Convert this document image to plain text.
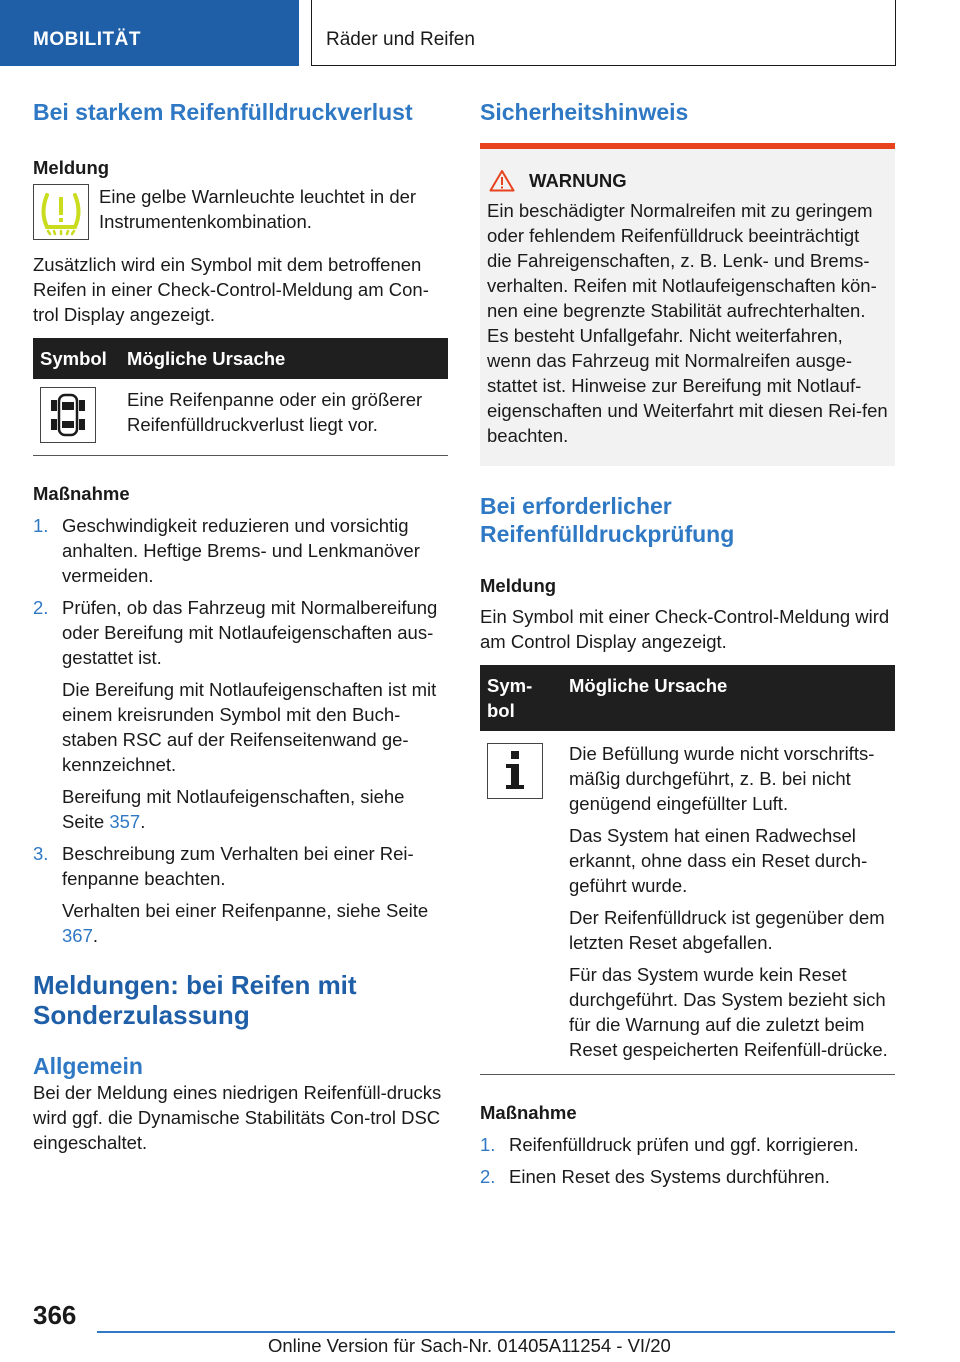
MOBILITÄT	Räder und Reifen
Bei starkem Reifenfülldruckverlust
Meldung

Eine gelbe Warnleuchte leuchtet in der Instrumentenkombination.

Zusätzlich wird ein Symbol mit dem betroffenen Reifen in einer Check-Control-Meldung am Con-trol Display angezeigt.

Symbol	Mögliche Ursache

	Eine Reifenpanne oder ein größerer Reifenfülldruckverlust liegt vor.
Maßnahme
1. Geschwindigkeit reduzieren und vorsichtig anhalten. Heftige Brems- und Lenkmanöver vermeiden.
2. Prüfen, ob das Fahrzeug mit Normalbereifung oder Bereifung mit Notlaufeigenschaften aus-gestattet ist.

Die Bereifung mit Notlaufeigenschaften ist mit einem kreisrunden Symbol mit den Buch-staben RSC auf der Reifenseitenwand ge-kennzeichnet.

Bereifung mit Notlaufeigenschaften, siehe Seite 357.

3. Beschreibung zum Verhalten bei einer Rei-fenpanne beachten.

Verhalten bei einer Reifenpanne, siehe Seite 367.

Meldungen: bei Reifen mit Sonderzulassung
Allgemein

Bei der Meldung eines niedrigen Reifenfüll-drucks wird ggf. die Dynamische Stabilitäts Con-trol DSC eingeschaltet.

Sicherheitshinweis
WARNUNG

Ein beschädigter Normalreifen mit zu geringem oder fehlendem Reifenfülldruck beeinträchtigt die Fahreigenschaften, z. B. Lenk- und Brems-verhalten. Reifen mit Notlaufeigenschaften kön-nen eine begrenzte Stabilität aufrechterhalten. Es besteht Unfallgefahr. Nicht weiterfahren, wenn das Fahrzeug mit Normalreifen ausge-stattet ist. Hinweise zur Bereifung mit Notlauf-eigenschaften und Weiterfahrt mit diesen Rei-fen beachten.

Bei erforderlicher Reifenfülldruckprüfung
Meldung

Ein Symbol mit einer Check-Control-Meldung wird am Control Display angezeigt.

Sym-bol	Mögliche Ursache

Die Befüllung wurde nicht vorschrifts-mäßig durchgeführt, z. B. bei nicht genügend eingefüllter Luft.

Das System hat einen Radwechsel erkannt, ohne dass ein Reset durch-geführt wurde.

Der Reifenfülldruck ist gegenüber dem letzten Reset abgefallen.

Für das System wurde kein Reset durchgeführt. Das System bezieht sich für die Warnung auf die zuletzt beim Reset gespeicherten Reifenfüll-drücke.

Maßnahme
1. Reifenfülldruck prüfen und ggf. korrigieren.
2. Einen Reset des Systems durchführen.
366
Online Version für Sach-Nr. 01405A11254 - VI/20
